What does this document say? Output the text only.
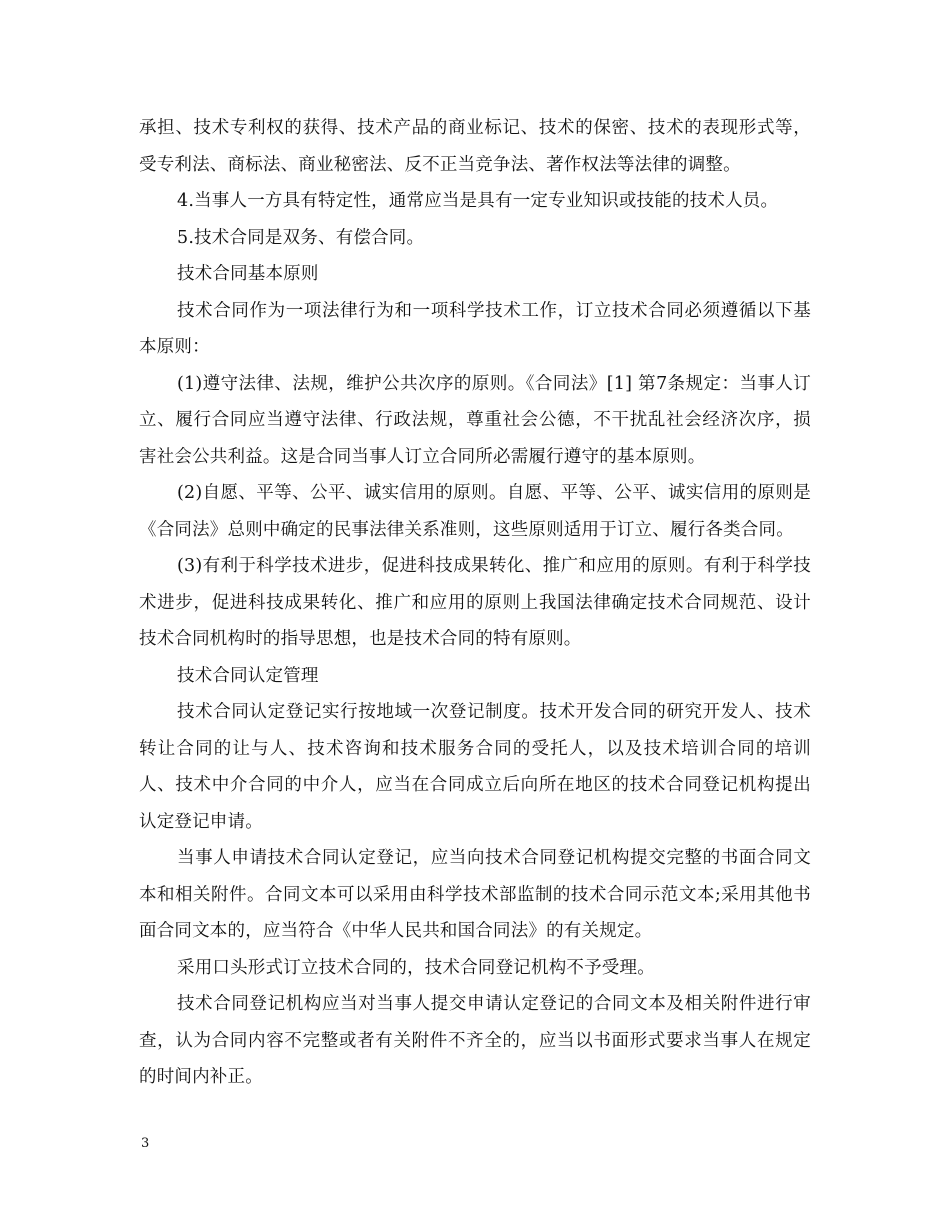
承担、技术专利权的获得、技术产品的商业标记、技术的保密、技术的表现形式等，受专利法、商标法、商业秘密法、反不正当竞争法、著作权法等法律的调整。

4.当事人一方具有特定性，通常应当是具有一定专业知识或技能的技术人员。

5.技术合同是双务、有偿合同。

技术合同基本原则

技术合同作为一项法律行为和一项科学技术工作，订立技术合同必须遵循以下基本原则：

(1)遵守法律、法规，维护公共次序的原则。《合同法》[1] 第7条规定：当事人订立、履行合同应当遵守法律、行政法规，尊重社会公德，不干扰乱社会经济次序，损害社会公共利益。这是合同当事人订立合同所必需履行遵守的基本原则。

(2)自愿、平等、公平、诚实信用的原则。自愿、平等、公平、诚实信用的原则是《合同法》总则中确定的民事法律关系准则，这些原则适用于订立、履行各类合同。

(3)有利于科学技术进步，促进科技成果转化、推广和应用的原则。有利于科学技术进步，促进科技成果转化、推广和应用的原则上我国法律确定技术合同规范、设计技术合同机构时的指导思想，也是技术合同的特有原则。

技术合同认定管理

技术合同认定登记实行按地域一次登记制度。技术开发合同的研究开发人、技术转让合同的让与人、技术咨询和技术服务合同的受托人，以及技术培训合同的培训人、技术中介合同的中介人，应当在合同成立后向所在地区的技术合同登记机构提出认定登记申请。

当事人申请技术合同认定登记，应当向技术合同登记机构提交完整的书面合同文本和相关附件。合同文本可以采用由科学技术部监制的技术合同示范文本;采用其他书面合同文本的，应当符合《中华人民共和国合同法》的有关规定。

采用口头形式订立技术合同的，技术合同登记机构不予受理。

技术合同登记机构应当对当事人提交申请认定登记的合同文本及相关附件进行审查，认为合同内容不完整或者有关附件不齐全的，应当以书面形式要求当事人在规定的时间内补正。

3
